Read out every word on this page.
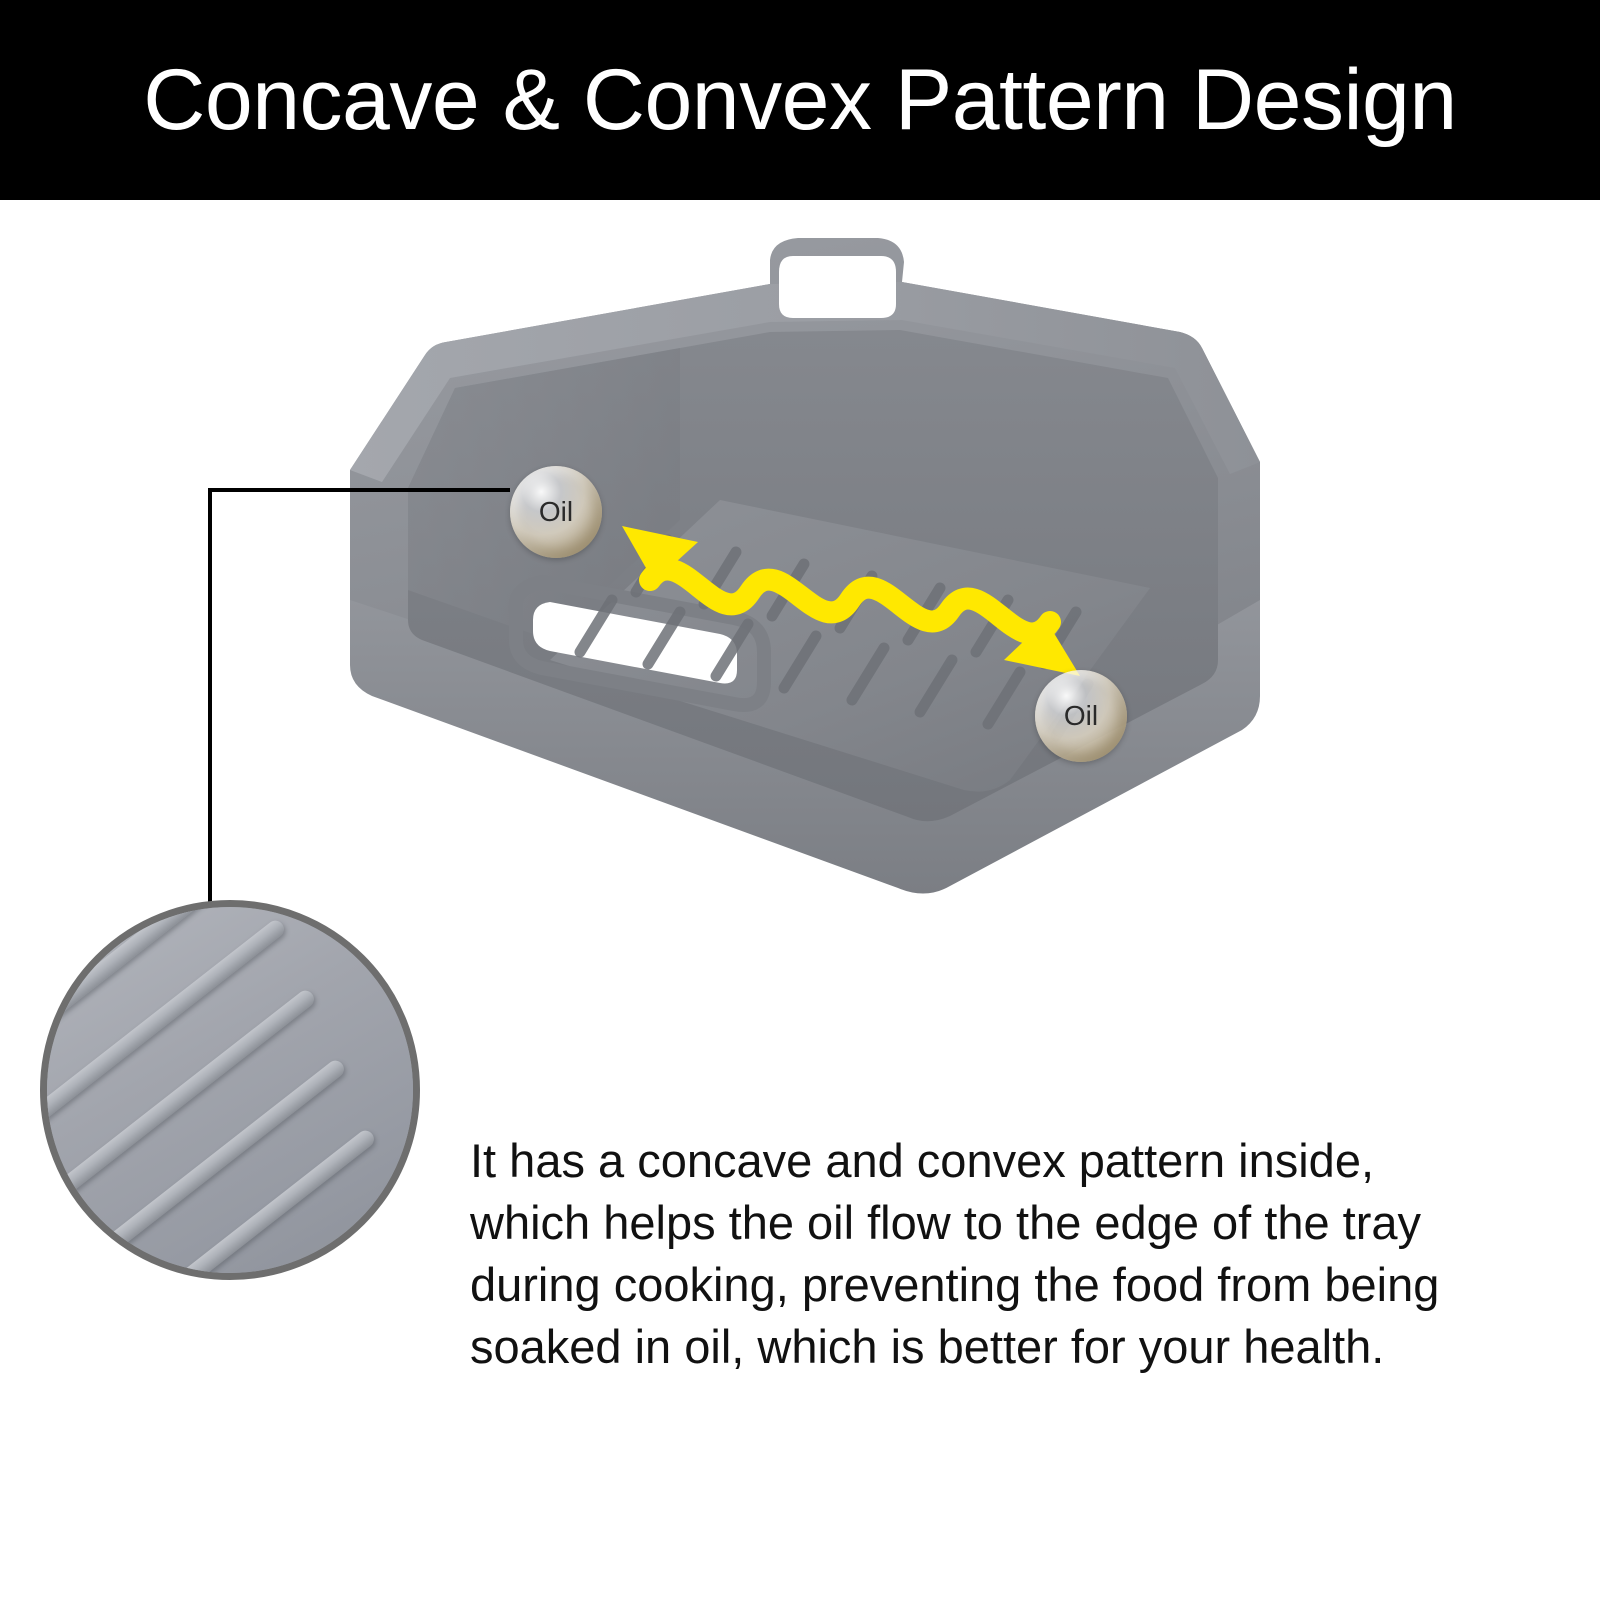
Concave & Convex Pattern Design
Oil
Oil

It has a concave and convex pattern inside, which helps the oil flow to the edge of the tray during cooking, preventing the food from being soaked in oil, which is better for your health.
